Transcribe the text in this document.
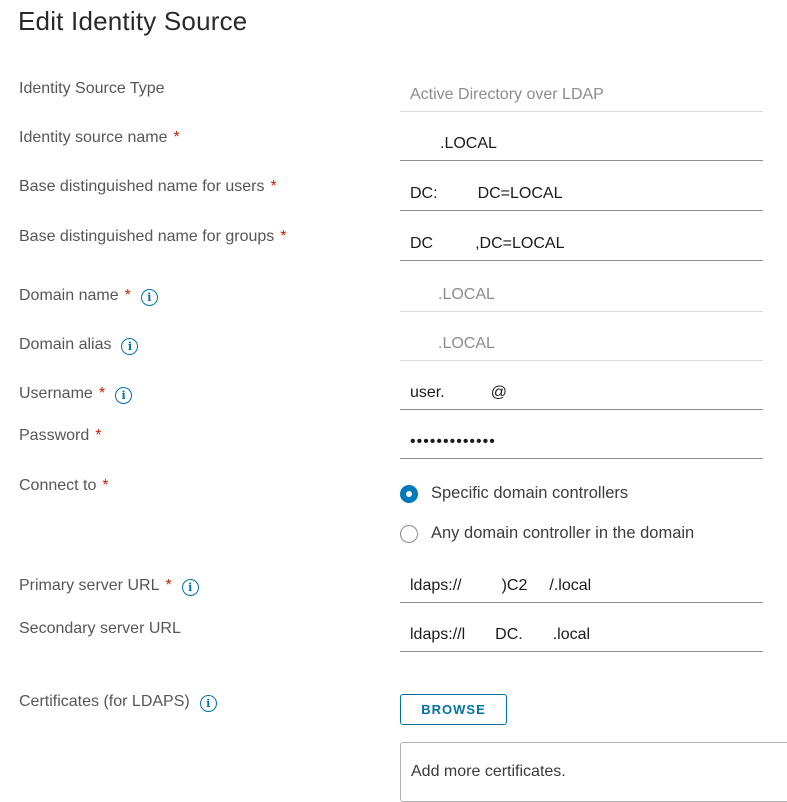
Edit Identity Source
Identity Source Type	Active Directory over LDAP
Identity source name *	.LOCAL
Base distinguished name for users *	DC:	DC=LOCAL
Base distinguished name for groups *	DC	,DC=LOCAL
Domain name *	i	.LOCAL
Domain alias	i	.LOCAL
Username *	i	user.	@
Password *	•••••••••••••
Connect to *	Specific domain controllers
Any domain controller in the domain
Primary server URL *	i	ldaps://	)C2 /.local
Secondary server URL	ldaps://l DC. .local
Certificates (for LDAPS)	i	BROWSE
Add more certificates.
